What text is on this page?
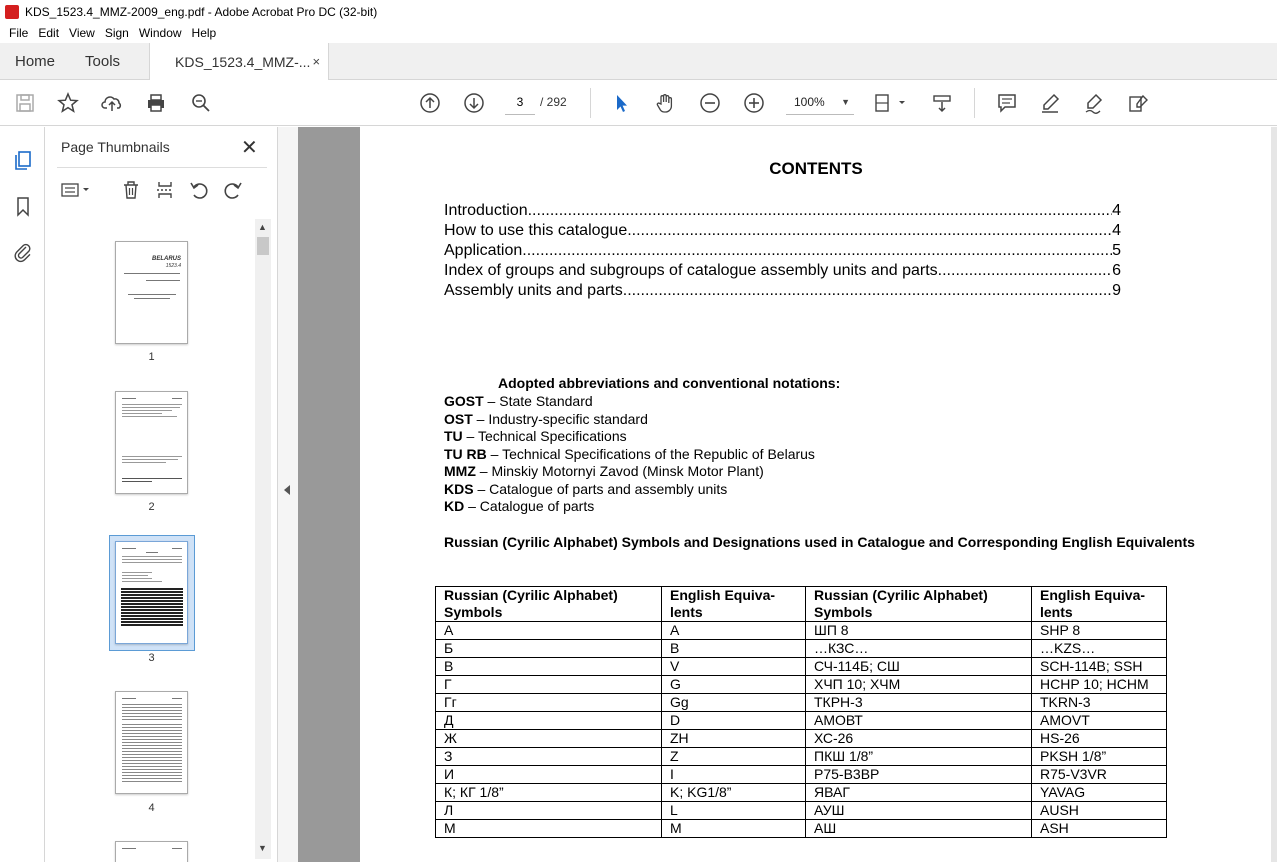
KDS_1523.4_MMZ-2009_eng.pdf - Adobe Acrobat Pro DC (32-bit)
File Edit View Sign Window Help
Home	Tools	KDS_1523.4_MMZ-... ×
3
/ 292	100% ▼
Page Thumbnails	✕
BELARUS
1523.4
1
2
3
4
▲
▼
CONTENTS
Introduction .....	4
How to use this catalogue .....	4
Application .....	5
Index of groups and subgroups of catalogue assembly units and parts .....	6
Assembly units and parts .....	9
Adopted abbreviations and conventional notations:
GOST – State Standard
OST – Industry-specific standard
TU – Technical Specifications
TU RB – Technical Specifications of the Republic of Belarus
MMZ – Minskiy Motornyi Zavod (Minsk Motor Plant)
KDS – Catalogue of parts and assembly units
KD – Catalogue of parts
Russian (Cyrilic Alphabet) Symbols and Designations used in Catalogue and Corresponding English Equivalents
Russian (Cyrilic Alphabet) Symbols	English Equiva-lents	Russian (Cyrilic Alphabet) Symbols	English Equiva-lents
А	A	ШП 8	SHP 8
Б	B	…КЗС…	…KZS…
В	V	СЧ-114Б; СШ	SCH-114B; SSH
Г	G	ХЧП 10; ХЧМ	HCHP 10; HCHM
Гг	Gg	ТКРН-3	TKRN-3
Д	D	АМОВТ	AMOVT
Ж	ZH	ХС-26	HS-26
З	Z	ПКШ 1/8”	PKSH 1/8”
И	I	Р75-В3ВР	R75-V3VR
К; КГ 1/8”	K; KG1/8”	ЯВАГ	YAVAG
Л	L	АУШ	AUSH
М	M	АШ	ASH
